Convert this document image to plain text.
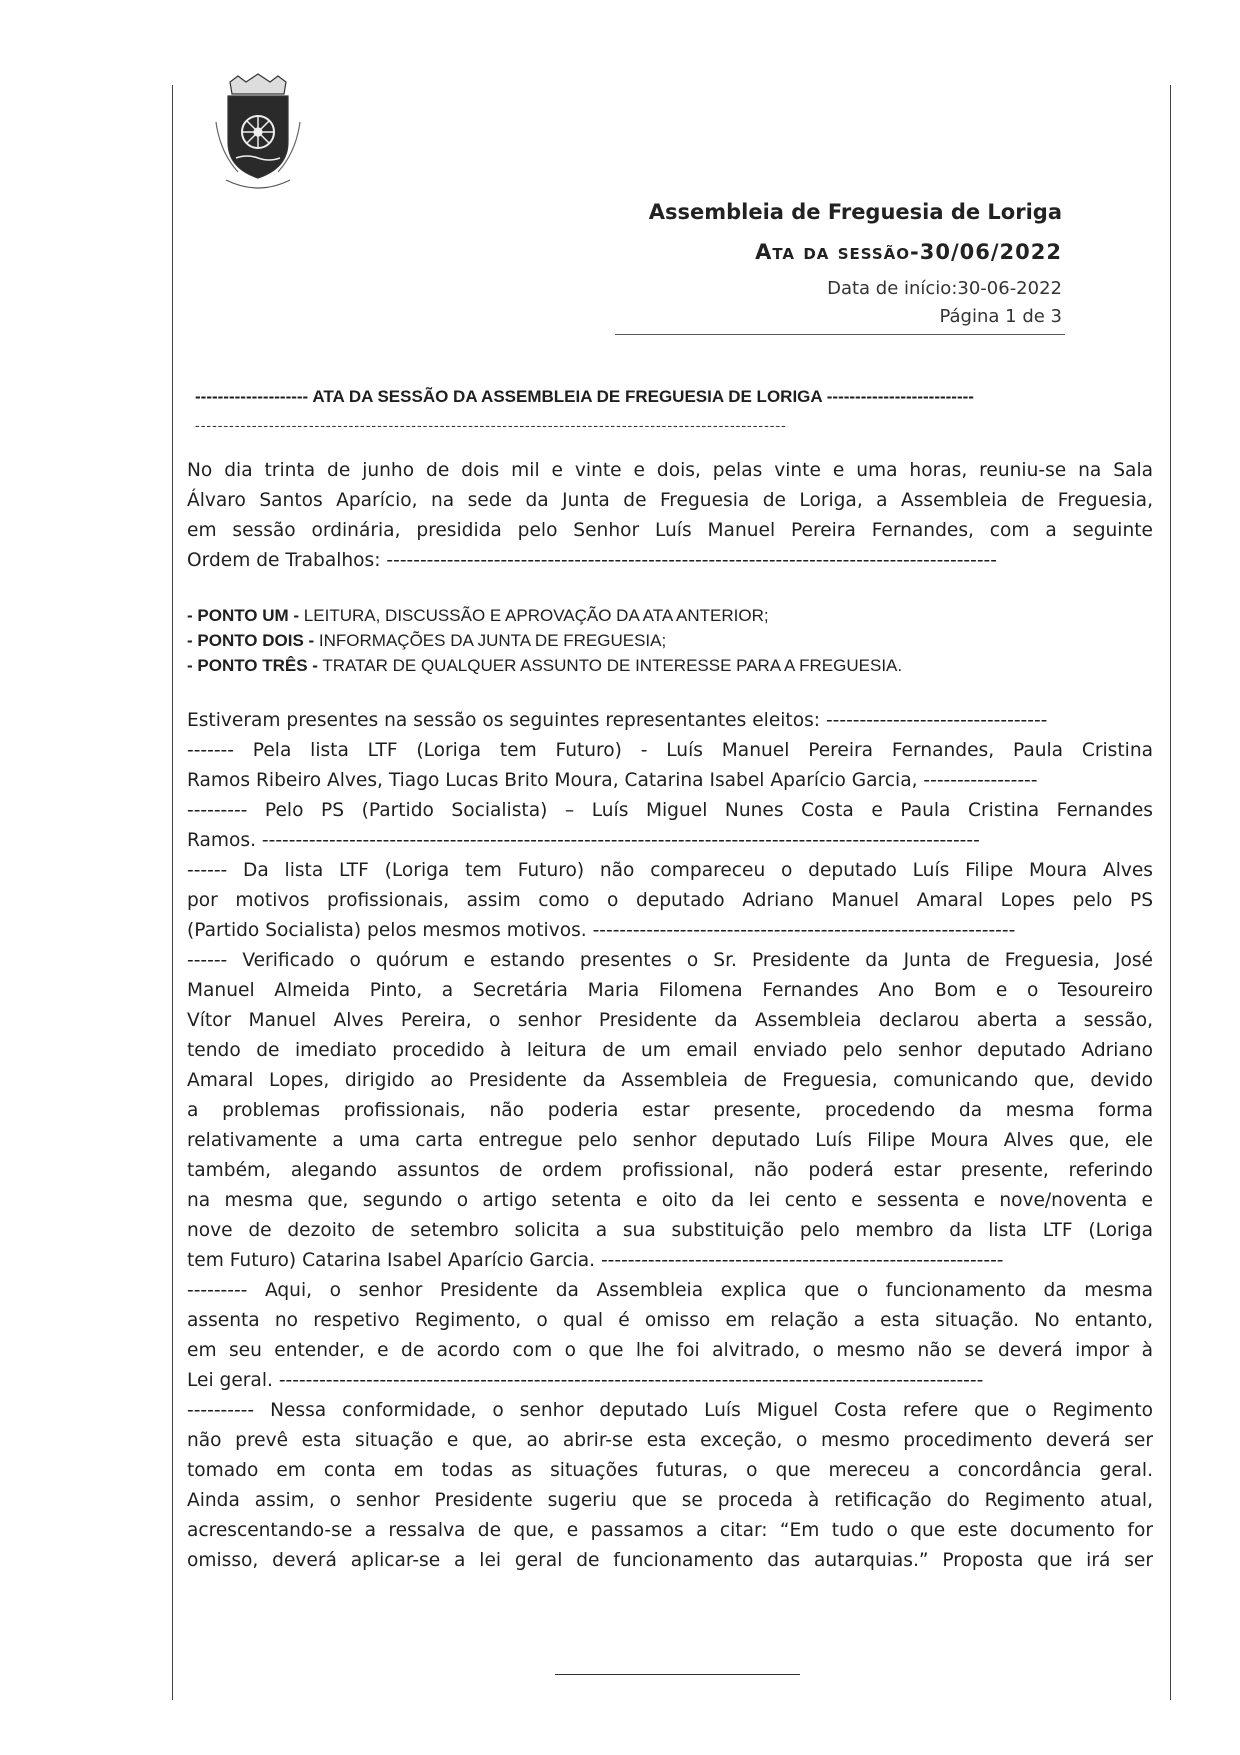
Assembleia de Freguesia de Loriga
Ata da sessão-30/06/2022
Data de início:30-06-2022
Página 1 de 3
-------------------- ATA DA SESSÃO DA ASSEMBLEIA DE FREGUESIA DE LORIGA --------------------------
--------------------------------------------------------------------------------------------------------
No dia trinta de junho de dois mil e vinte e dois, pelas vinte e uma horas, reuniu-se na Sala
Álvaro Santos Aparício, na sede da Junta de Freguesia de Loriga, a Assembleia de Freguesia,
em sessão ordinária, presidida pelo Senhor Luís Manuel Pereira Fernandes, com a seguinte
Ordem de Trabalhos: -------------------------------------------------------------------------------------------
- PONTO UM - LEITURA, DISCUSSÃO E APROVAÇÃO DA ATA ANTERIOR;
- PONTO DOIS - INFORMAÇÕES DA JUNTA DE FREGUESIA;
- PONTO TRÊS - TRATAR DE QUALQUER ASSUNTO DE INTERESSE PARA A FREGUESIA.
Estiveram presentes na sessão os seguintes representantes eleitos: ---------------------------------
------- Pela lista LTF (Loriga tem Futuro) - Luís Manuel Pereira Fernandes, Paula Cristina
Ramos Ribeiro Alves, Tiago Lucas Brito Moura, Catarina Isabel Aparício Garcia, -----------------
--------- Pelo PS (Partido Socialista) – Luís Miguel Nunes Costa e Paula Cristina Fernandes
Ramos. -----------------------------------------------------------------------------------------------------------
------ Da lista LTF (Loriga tem Futuro) não compareceu o deputado Luís Filipe Moura Alves
por motivos profissionais, assim como o deputado Adriano Manuel Amaral Lopes pelo PS
(Partido Socialista) pelos mesmos motivos. ---------------------------------------------------------------
------ Verificado o quórum e estando presentes o Sr. Presidente da Junta de Freguesia, José
Manuel Almeida Pinto, a Secretária Maria Filomena Fernandes Ano Bom e o Tesoureiro
Vítor Manuel Alves Pereira, o senhor Presidente da Assembleia declarou aberta a sessão,
tendo de imediato procedido à leitura de um email enviado pelo senhor deputado Adriano
Amaral Lopes, dirigido ao Presidente da Assembleia de Freguesia, comunicando que, devido
a problemas profissionais, não poderia estar presente, procedendo da mesma forma
relativamente a uma carta entregue pelo senhor deputado Luís Filipe Moura Alves que, ele
também, alegando assuntos de ordem profissional, não poderá estar presente, referindo
na mesma que, segundo o artigo setenta e oito da lei cento e sessenta e nove/noventa e
nove de dezoito de setembro solicita a sua substituição pelo membro da lista LTF (Loriga
tem Futuro) Catarina Isabel Aparício Garcia. ------------------------------------------------------------
--------- Aqui, o senhor Presidente da Assembleia explica que o funcionamento da mesma
assenta no respetivo Regimento, o qual é omisso em relação a esta situação. No entanto,
em seu entender, e de acordo com o que lhe foi alvitrado, o mesmo não se deverá impor à
Lei geral. ---------------------------------------------------------------------------------------------------------
---------- Nessa conformidade, o senhor deputado Luís Miguel Costa refere que o Regimento
não prevê esta situação e que, ao abrir-se esta exceção, o mesmo procedimento deverá ser
tomado em conta em todas as situações futuras, o que mereceu a concordância geral.
Ainda assim, o senhor Presidente sugeriu que se proceda à retificação do Regimento atual,
acrescentando-se a ressalva de que, e passamos a citar: “Em tudo o que este documento for
omisso, deverá aplicar-se a lei geral de funcionamento das autarquias.” Proposta que irá ser
